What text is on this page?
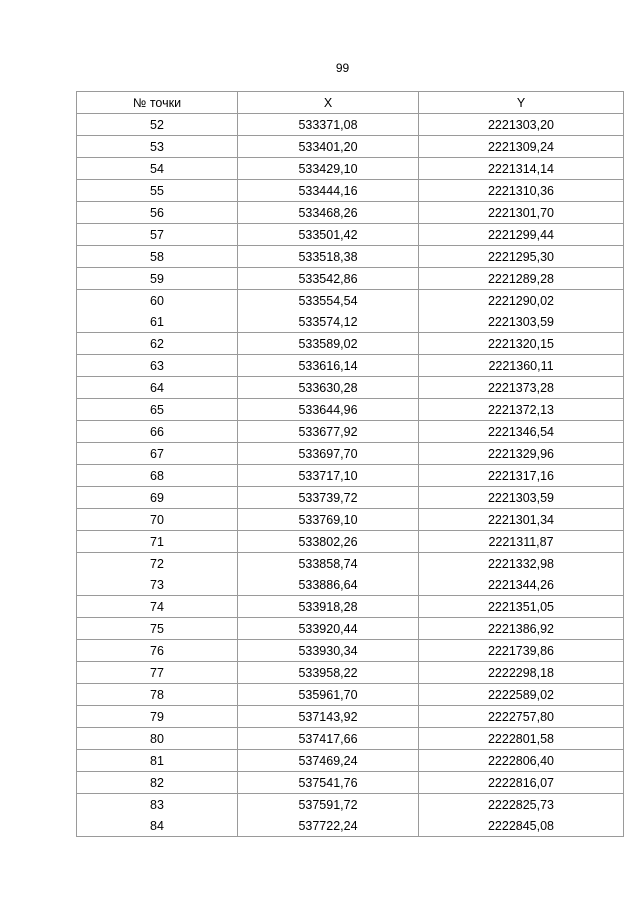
99
№ точки	X	Y
52	533371,08	2221303,20
53	533401,20	2221309,24
54	533429,10	2221314,14
55	533444,16	2221310,36
56	533468,26	2221301,70
57	533501,42	2221299,44
58	533518,38	2221295,30
59	533542,86	2221289,28
60	533554,54	2221290,02
61	533574,12	2221303,59
62	533589,02	2221320,15
63	533616,14	2221360,11
64	533630,28	2221373,28
65	533644,96	2221372,13
66	533677,92	2221346,54
67	533697,70	2221329,96
68	533717,10	2221317,16
69	533739,72	2221303,59
70	533769,10	2221301,34
71	533802,26	2221311,87
72	533858,74	2221332,98
73	533886,64	2221344,26
74	533918,28	2221351,05
75	533920,44	2221386,92
76	533930,34	2221739,86
77	533958,22	2222298,18
78	535961,70	2222589,02
79	537143,92	2222757,80
80	537417,66	2222801,58
81	537469,24	2222806,40
82	537541,76	2222816,07
83	537591,72	2222825,73
84	537722,24	2222845,08
